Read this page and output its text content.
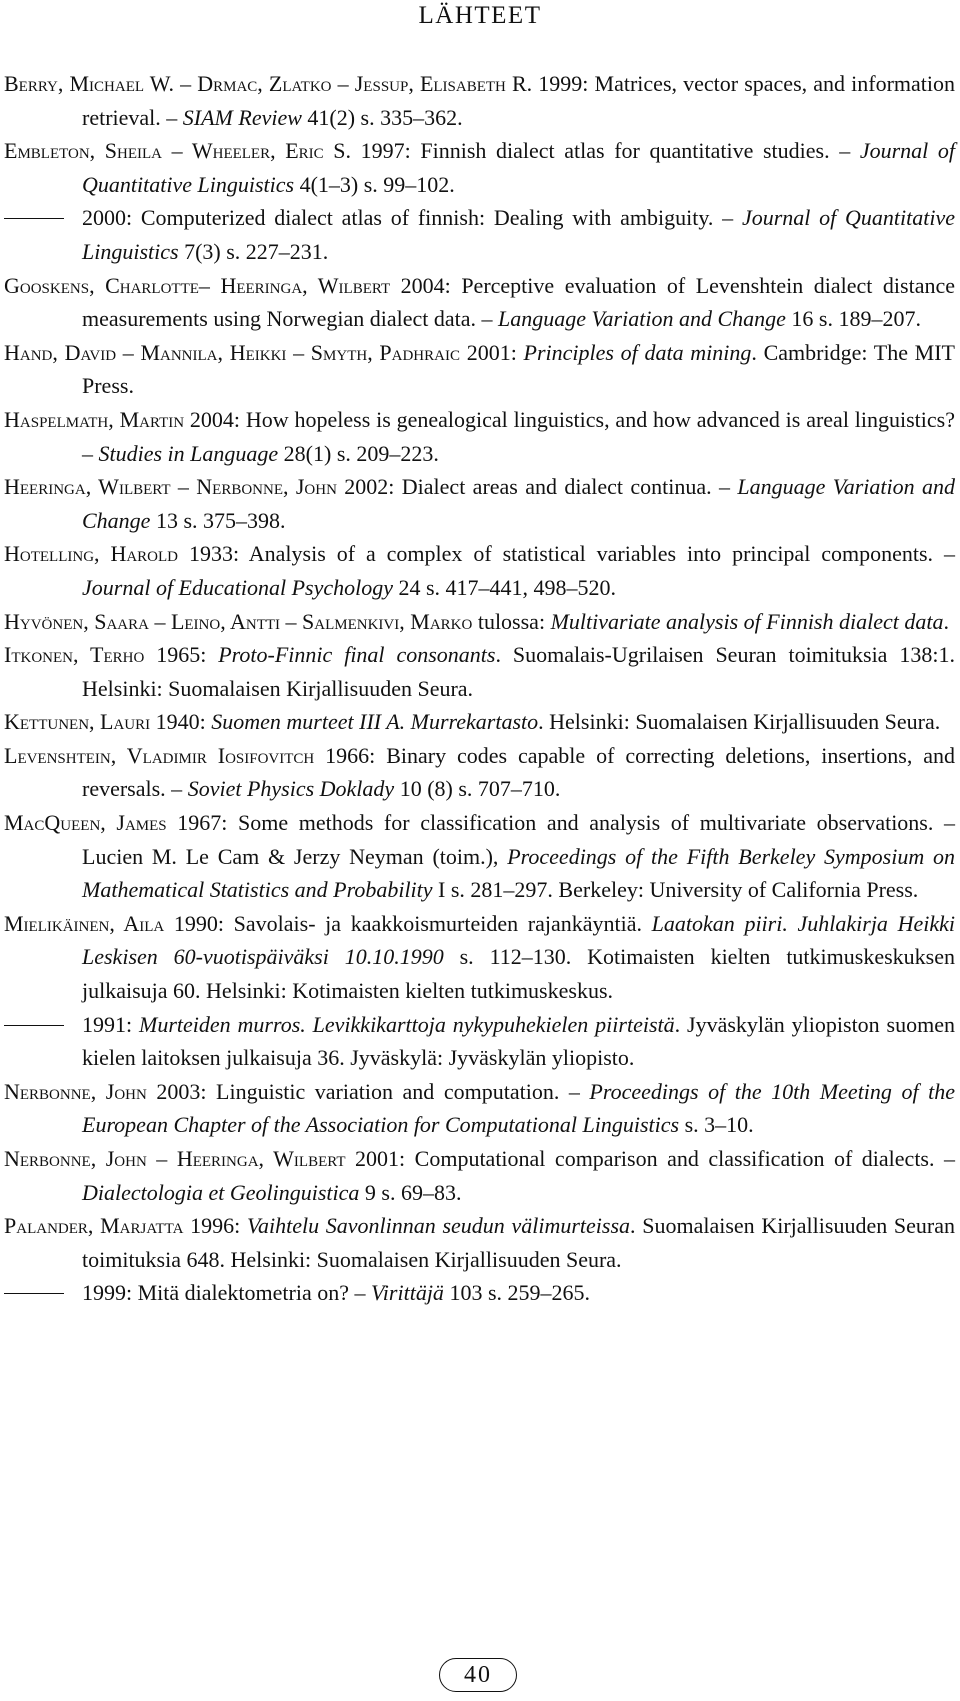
LÄHTEET
Berry, Michael W. – Drmac, Zlatko – Jessup, Elisabeth R. 1999: Matrices, vector spaces, and information retrieval. – SIAM Review 41(2) s. 335–362.
Embleton, Sheila – Wheeler, Eric S. 1997: Finnish dialect atlas for quantitative studies. – Journal of Quantitative Linguistics 4(1–3) s. 99–102.
2000: Computerized dialect atlas of finnish: Dealing with ambiguity. – Journal of Quantitative Linguistics 7(3) s. 227–231.
Gooskens, Charlotte– Heeringa, Wilbert 2004: Perceptive evaluation of Levenshtein dialect distance measurements using Norwegian dialect data. – Language Variation and Change 16 s. 189–207.
Hand, David – Mannila, Heikki – Smyth, Padhraic 2001: Principles of data mining. Cambridge: The MIT Press.
Haspelmath, Martin 2004: How hopeless is genealogical linguistics, and how advanced is areal linguistics? – Studies in Language 28(1) s. 209–223.
Heeringa, Wilbert – Nerbonne, John 2002: Dialect areas and dialect continua. – Language Variation and Change 13 s. 375–398.
Hotelling, Harold 1933: Analysis of a complex of statistical variables into principal components. – Journal of Educational Psychology 24 s. 417–441, 498–520.
Hyvönen, Saara – Leino, Antti – Salmenkivi, Marko tulossa: Multivariate analysis of Finnish dialect data.
Itkonen, Terho 1965: Proto-Finnic final consonants. Suomalais-Ugrilaisen Seuran toimituksia 138:1. Helsinki: Suomalaisen Kirjallisuuden Seura.
Kettunen, Lauri 1940: Suomen murteet III A. Murrekartasto. Helsinki: Suomalaisen Kirjallisuuden Seura.
Levenshtein, Vladimir Iosifovitch 1966: Binary codes capable of correcting deletions, insertions, and reversals. – Soviet Physics Doklady 10 (8) s. 707–710.
MacQueen, James 1967: Some methods for classification and analysis of multivariate observations. – Lucien M. Le Cam & Jerzy Neyman (toim.), Proceedings of the Fifth Berkeley Symposium on Mathematical Statistics and Probability I s. 281–297. Berkeley: University of California Press.
Mielikäinen, Aila 1990: Savolais- ja kaakkoismurteiden rajankäyntiä. Laatokan piiri. Juhlakirja Heikki Leskisen 60-vuotispäiväksi 10.10.1990 s. 112–130. Kotimaisten kielten tutkimuskeskuksen julkaisuja 60. Helsinki: Kotimaisten kielten tutkimuskeskus.
1991: Murteiden murros. Levikkikarttoja nykypuhekielen piirteistä. Jyväskylän yliopiston suomen kielen laitoksen julkaisuja 36. Jyväskylä: Jyväskylän yliopisto.
Nerbonne, John 2003: Linguistic variation and computation. – Proceedings of the 10th Meeting of the European Chapter of the Association for Computational Linguistics s. 3–10.
Nerbonne, John – Heeringa, Wilbert 2001: Computational comparison and classification of dialects. – Dialectologia et Geolinguistica 9 s. 69–83.
Palander, Marjatta 1996: Vaihtelu Savonlinnan seudun välimurteissa. Suomalaisen Kirjallisuuden Seuran toimituksia 648. Helsinki: Suomalaisen Kirjallisuuden Seura.
1999: Mitä dialektometria on? – Virittäjä 103 s. 259–265.
40
